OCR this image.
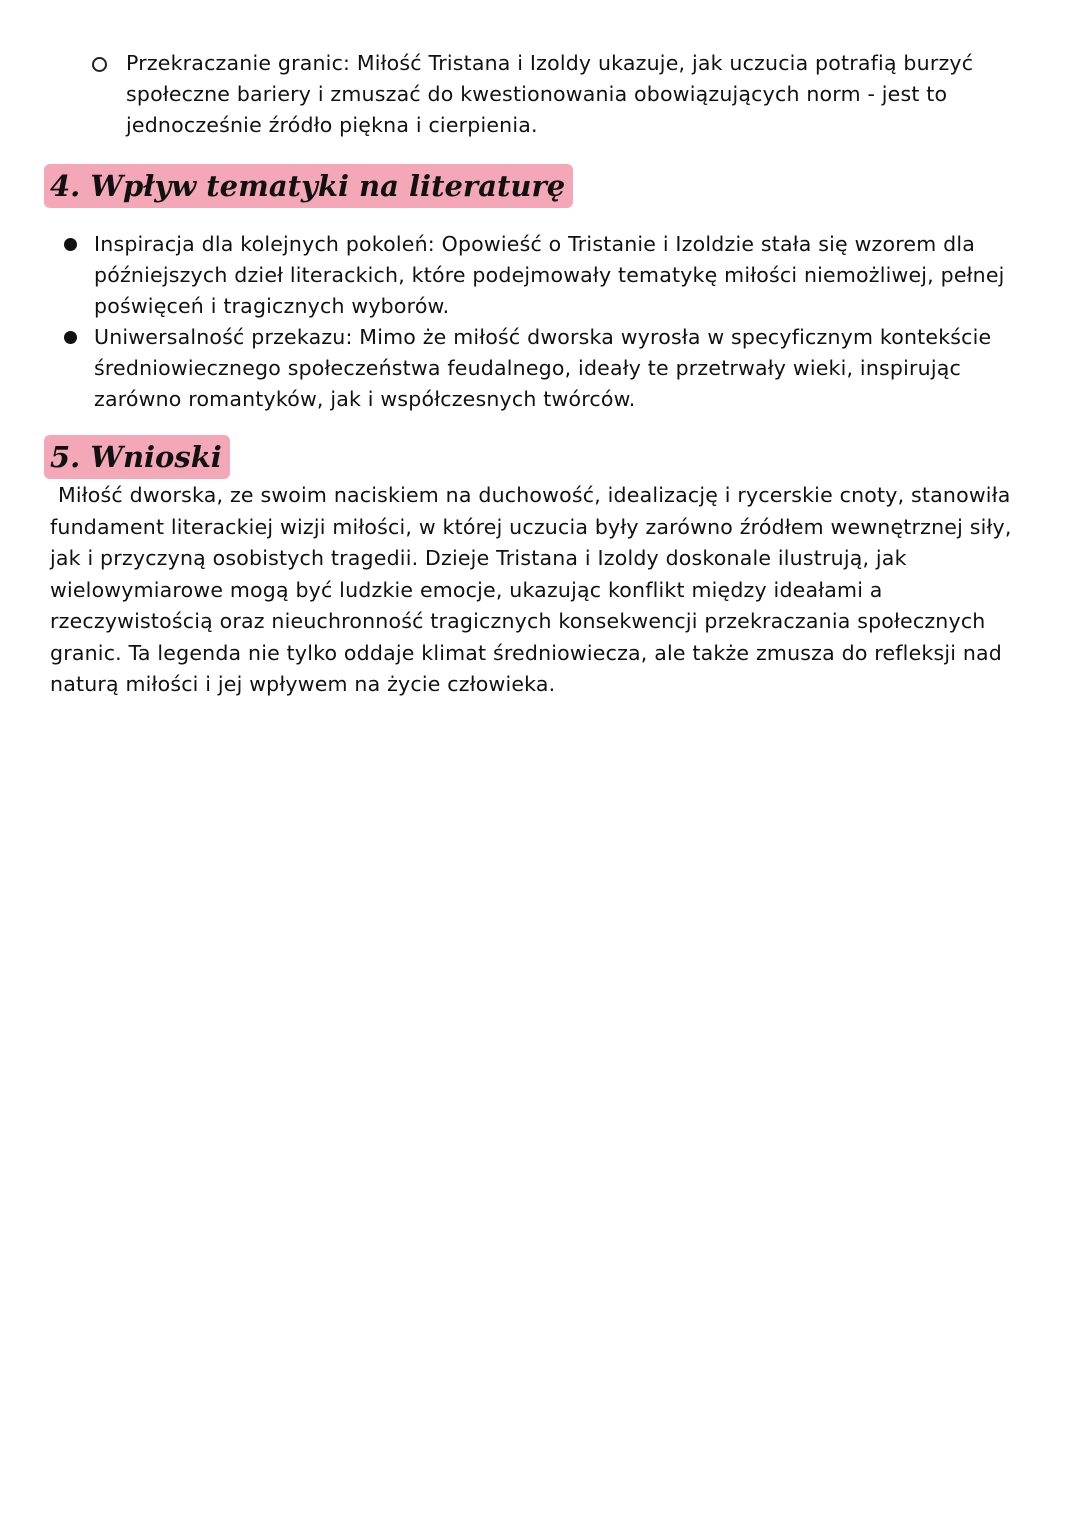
Przekraczanie granic: Miłość Tristana i Izoldy ukazuje, jak uczucia potrafią burzyć społeczne bariery i zmuszać do kwestionowania obowiązujących norm - jest to jednocześnie źródło piękna i cierpienia.
4. Wpływ tematyki na literaturę
Inspiracja dla kolejnych pokoleń: Opowieść o Tristanie i Izoldzie stała się wzorem dla późniejszych dzieł literackich, które podejmowały tematykę miłości niemożliwej, pełnej poświęceń i tragicznych wyborów.
Uniwersalność przekazu: Mimo że miłość dworska wyrosła w specyficznym kontekście średniowiecznego społeczeństwa feudalnego, ideały te przetrwały wieki, inspirując zarówno romantyków, jak i współczesnych twórców.
5. Wnioski
Miłość dworska, ze swoim naciskiem na duchowość, idealizację i rycerskie cnoty, stanowiła fundament literackiej wizji miłości, w której uczucia były zarówno źródłem wewnętrznej siły, jak i przyczyną osobistych tragedii. Dzieje Tristana i Izoldy doskonale ilustrują, jak wielowymiarowe mogą być ludzkie emocje, ukazując konflikt między ideałami a rzeczywistością oraz nieuchronność tragicznych konsekwencji przekraczania społecznych granic. Ta legenda nie tylko oddaje klimat średniowiecza, ale także zmusza do refleksji nad naturą miłości i jej wpływem na życie człowieka.
